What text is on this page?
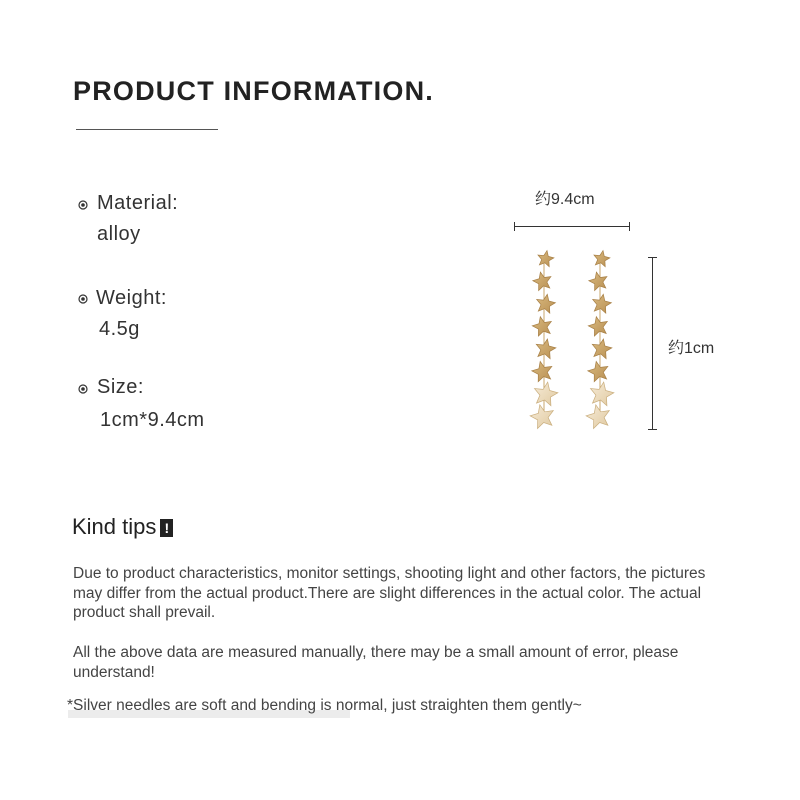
PRODUCT INFORMATION.
Material:
alloy
Weight:
4.5g
Size:
1cm*9.4cm
约9.4cm
约1cm
Kind tips !
Due to product characteristics, monitor settings, shooting light and other factors, the pictures may differ from the actual product.There are slight differences in the actual color. The actual product shall prevail.
All the above data are measured manually, there may be a small amount of error, please understand!
*Silver needles are soft and bending is normal, just straighten them gently~
